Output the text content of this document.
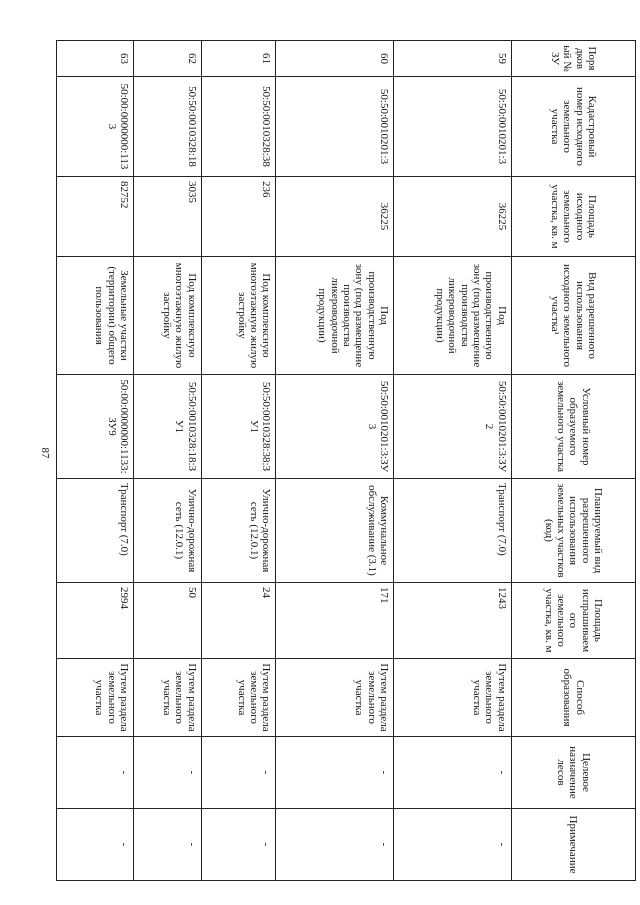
87
Порядковый № ЗУ	Кадастровый номер исходного земельного участка	Площадь исходного земельного участка, кв. м	Вид разрешенного использования исходного земельного участка¹	Условный номер образуемого земельного участка	Планируемый вид разрешенного использования земельных участков (код)	Площадь испрашиваемого земельного участка, кв. м	Способ образования	Целевое назначение лесов	Примечание
59	50:50:0010201:3	36225	Под производственную зону (под размещение производства ликероводочной продукции)	50:50:0010201:3:ЗУ2	Транспорт (7.0)	1243	Путем раздела земельного участка	-	-
60	50:50:0010201:3	36225	Под производственную зону (под размещение производства ликероводочной продукции)	50:50:0010201:3:ЗУ3	Коммунальное обслуживание (3.1)	171	Путем раздела земельного участка	-	-
61	50:50:0010328:38	236	Под комплексную многоэтажную жилую застройку	50:50:0010328:38:ЗУ1	Улично-дорожная сеть (12.0.1)	24	Путем раздела земельного участка	-	-
62	50:50:0010328:18	3035	Под комплексную многоэтажную жилую застройку	50:50:0010328:18:ЗУ1	Улично-дорожная сеть (12.0.1)	50	Путем раздела земельного участка	-	-
63	50:00:0000000:1133	82752	Земельные участки (территории) общего пользования	50:00:0000000:1133:ЗУ9	Транспорт (7.0)	2994	Путем раздела земельного участка	-	-
